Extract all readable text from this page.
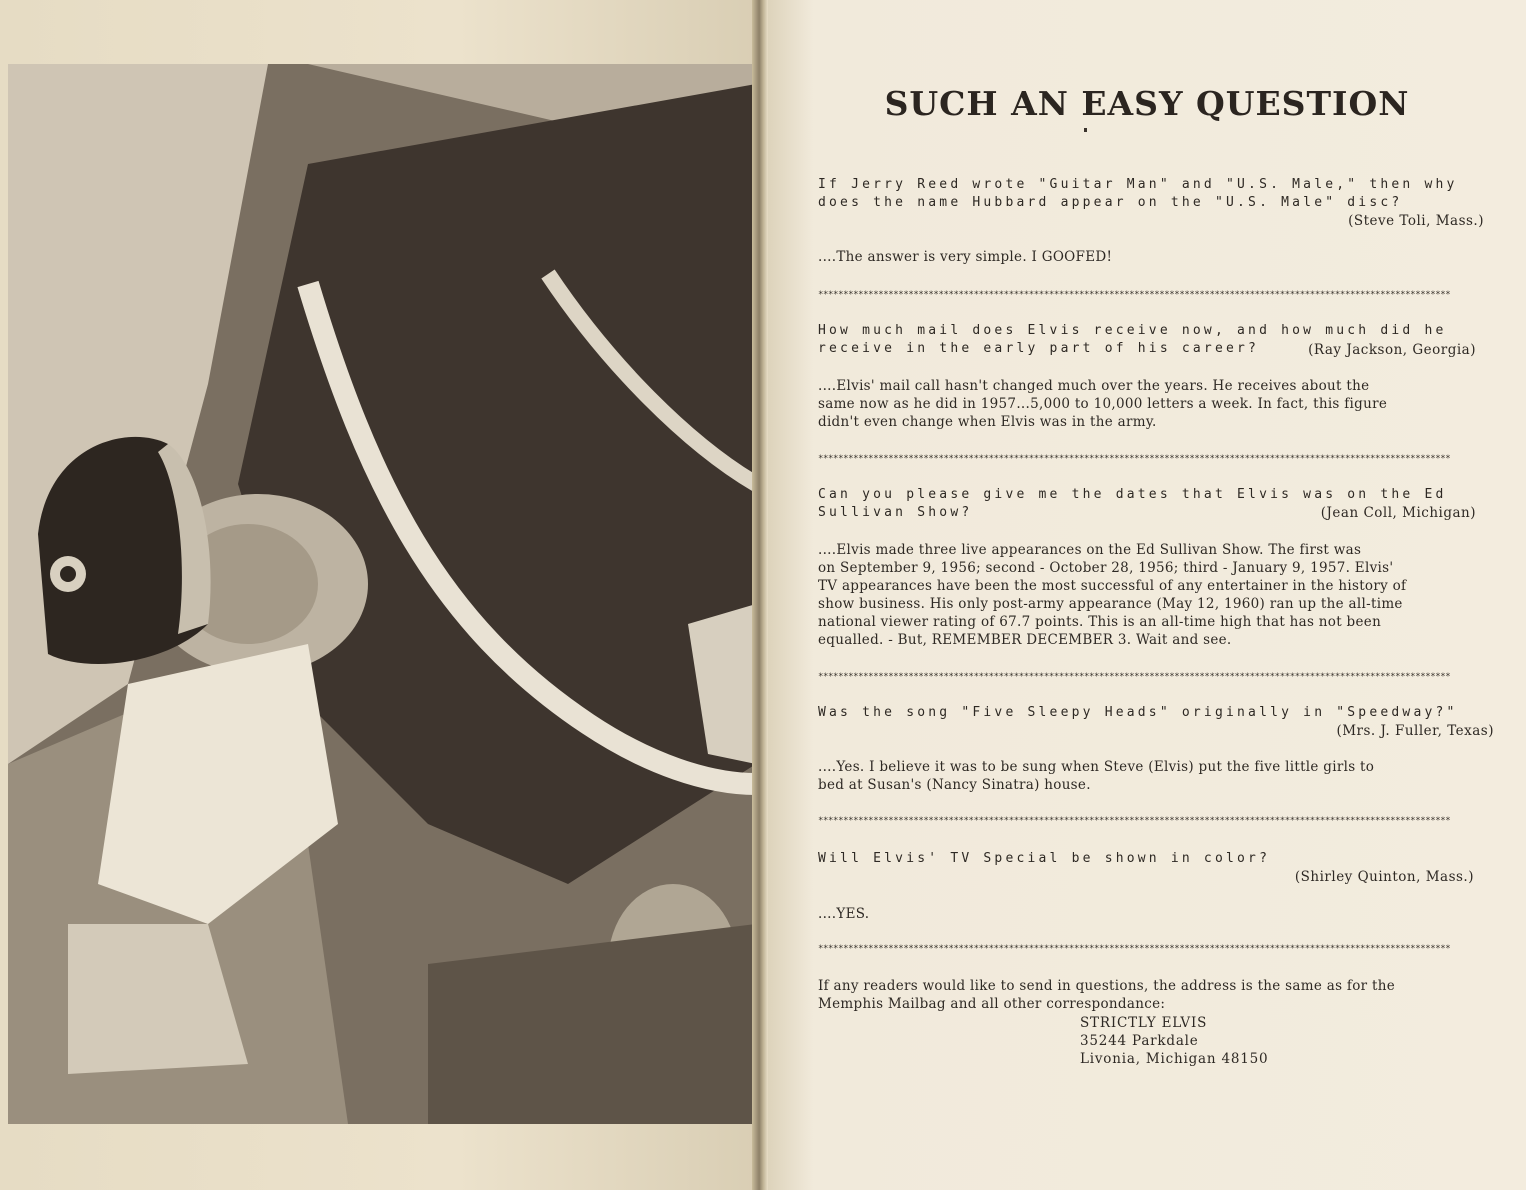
SUCH AN EASY QUESTION
If Jerry Reed wrote "Guitar Man" and "U.S. Male," then why
does the name Hubbard appear on the "U.S. Male" disc?
(Steve Toli, Mass.)
....The answer is very simple. I GOOFED!
******************************************************************************************************************************
How much mail does Elvis receive now, and how much did he
receive in the early part of his career?	(Ray Jackson, Georgia)
....Elvis' mail call hasn't changed much over the years. He receives about the
same now as he did in 1957...5,000 to 10,000 letters a week. In fact, this figure
didn't even change when Elvis was in the army.
******************************************************************************************************************************
Can you please give me the dates that Elvis was on the Ed
Sullivan Show?	(Jean Coll, Michigan)
....Elvis made three live appearances on the Ed Sullivan Show. The first was
on September 9, 1956; second - October 28, 1956; third - January 9, 1957. Elvis'
TV appearances have been the most successful of any entertainer in the history of
show business. His only post-army appearance (May 12, 1960) ran up the all-time
national viewer rating of 67.7 points. This is an all-time high that has not been
equalled. - But, REMEMBER DECEMBER 3. Wait and see.
******************************************************************************************************************************
Was the song "Five Sleepy Heads" originally in "Speedway?"
(Mrs. J. Fuller, Texas)
....Yes. I believe it was to be sung when Steve (Elvis) put the five little girls to
bed at Susan's (Nancy Sinatra) house.
******************************************************************************************************************************
Will Elvis' TV Special be shown in color?
(Shirley Quinton, Mass.)
....YES.
******************************************************************************************************************************
If any readers would like to send in questions, the address is the same as for the
Memphis Mailbag and all other correspondance:
STRICTLY ELVIS
35244 Parkdale
Livonia, Michigan 48150
